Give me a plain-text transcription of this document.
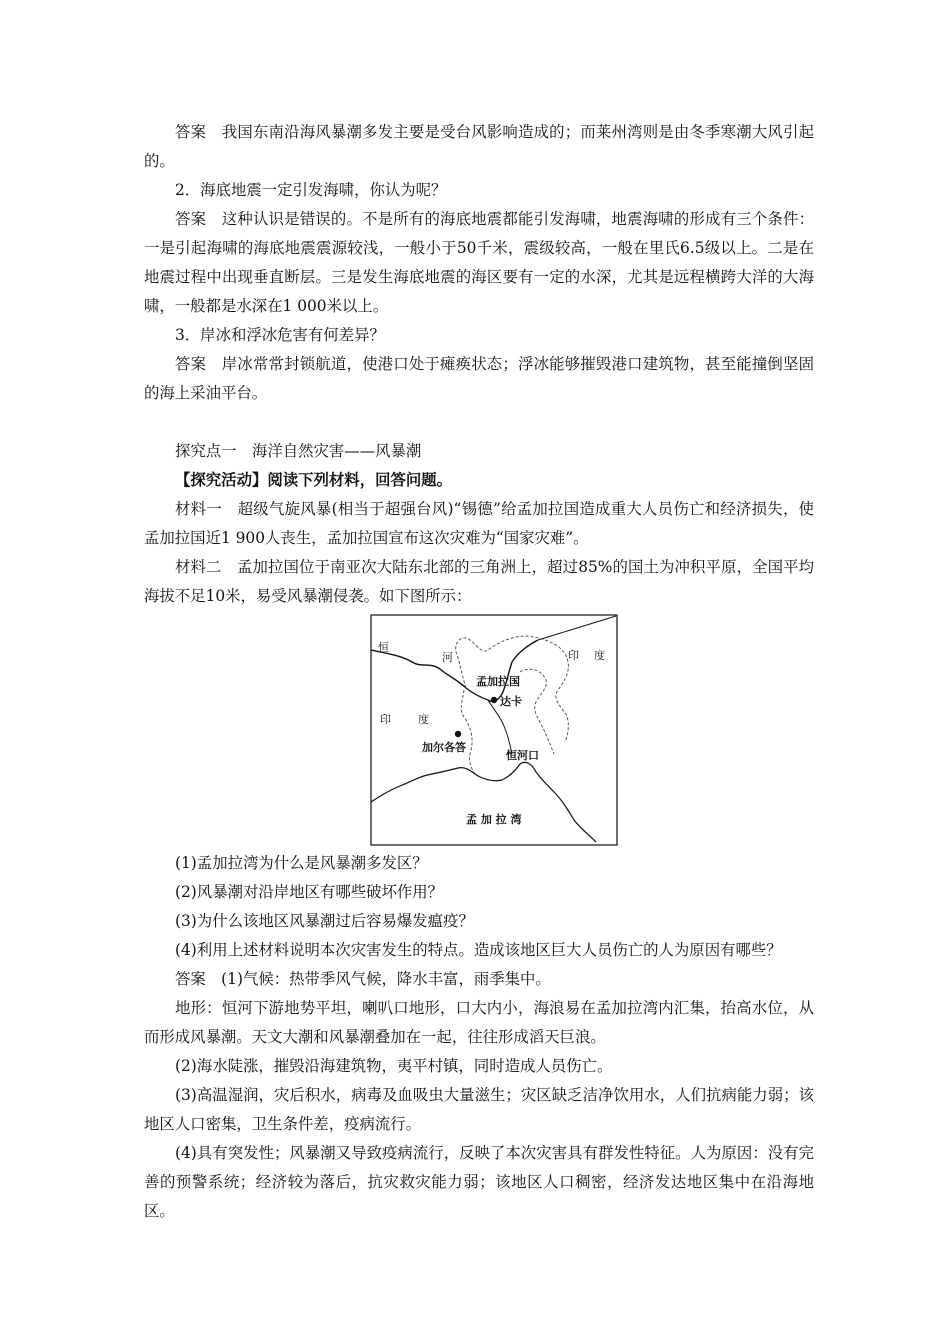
答案　我国东南沿海风暴潮多发主要是受台风影响造成的；而莱州湾则是由冬季寒潮大风引起的。

2．海底地震一定引发海啸，你认为呢？

答案　这种认识是错误的。不是所有的海底地震都能引发海啸，地震海啸的形成有三个条件：一是引起海啸的海底地震震源较浅，一般小于50千米，震级较高，一般在里氏6.5级以上。二是在地震过程中出现垂直断层。三是发生海底地震的海区要有一定的水深，尤其是远程横跨大洋的大海啸，一般都是水深在1 000米以上。

3．岸冰和浮冰危害有何差异？

答案　岸冰常常封锁航道，使港口处于瘫痪状态；浮冰能够摧毁港口建筑物，甚至能撞倒坚固的海上采油平台。

探究点一　海洋自然灾害——风暴潮

【探究活动】阅读下列材料，回答问题。

材料一　超级气旋风暴(相当于超强台风)“锡德”给孟加拉国造成重大人员伤亡和经济损失，使孟加拉国近1 900人丧生，孟加拉国宣布这次灾难为“国家灾难”。

材料二　孟加拉国位于南亚次大陆东北部的三角洲上，超过85%的国土为冲积平原，全国平均海拔不足10米，易受风暴潮侵袭。如下图所示：

恒
河	印 度
孟加拉国
达卡
印 度
加尔各答
恒河口
孟 加 拉 湾

(1)孟加拉湾为什么是风暴潮多发区？

(2)风暴潮对沿岸地区有哪些破坏作用？

(3)为什么该地区风暴潮过后容易爆发瘟疫？

(4)利用上述材料说明本次灾害发生的特点。造成该地区巨大人员伤亡的人为原因有哪些？

答案　(1)气候：热带季风气候，降水丰富，雨季集中。

地形：恒河下游地势平坦，喇叭口地形，口大内小，海浪易在孟加拉湾内汇集，抬高水位，从而形成风暴潮。天文大潮和风暴潮叠加在一起，往往形成滔天巨浪。

(2)海水陡涨，摧毁沿海建筑物，夷平村镇，同时造成人员伤亡。

(3)高温湿润，灾后积水，病毒及血吸虫大量滋生；灾区缺乏洁净饮用水，人们抗病能力弱；该地区人口密集，卫生条件差，疫病流行。

(4)具有突发性；风暴潮又导致疫病流行，反映了本次灾害具有群发性特征。人为原因：没有完善的预警系统；经济较为落后，抗灾救灾能力弱；该地区人口稠密，经济发达地区集中在沿海地区。
